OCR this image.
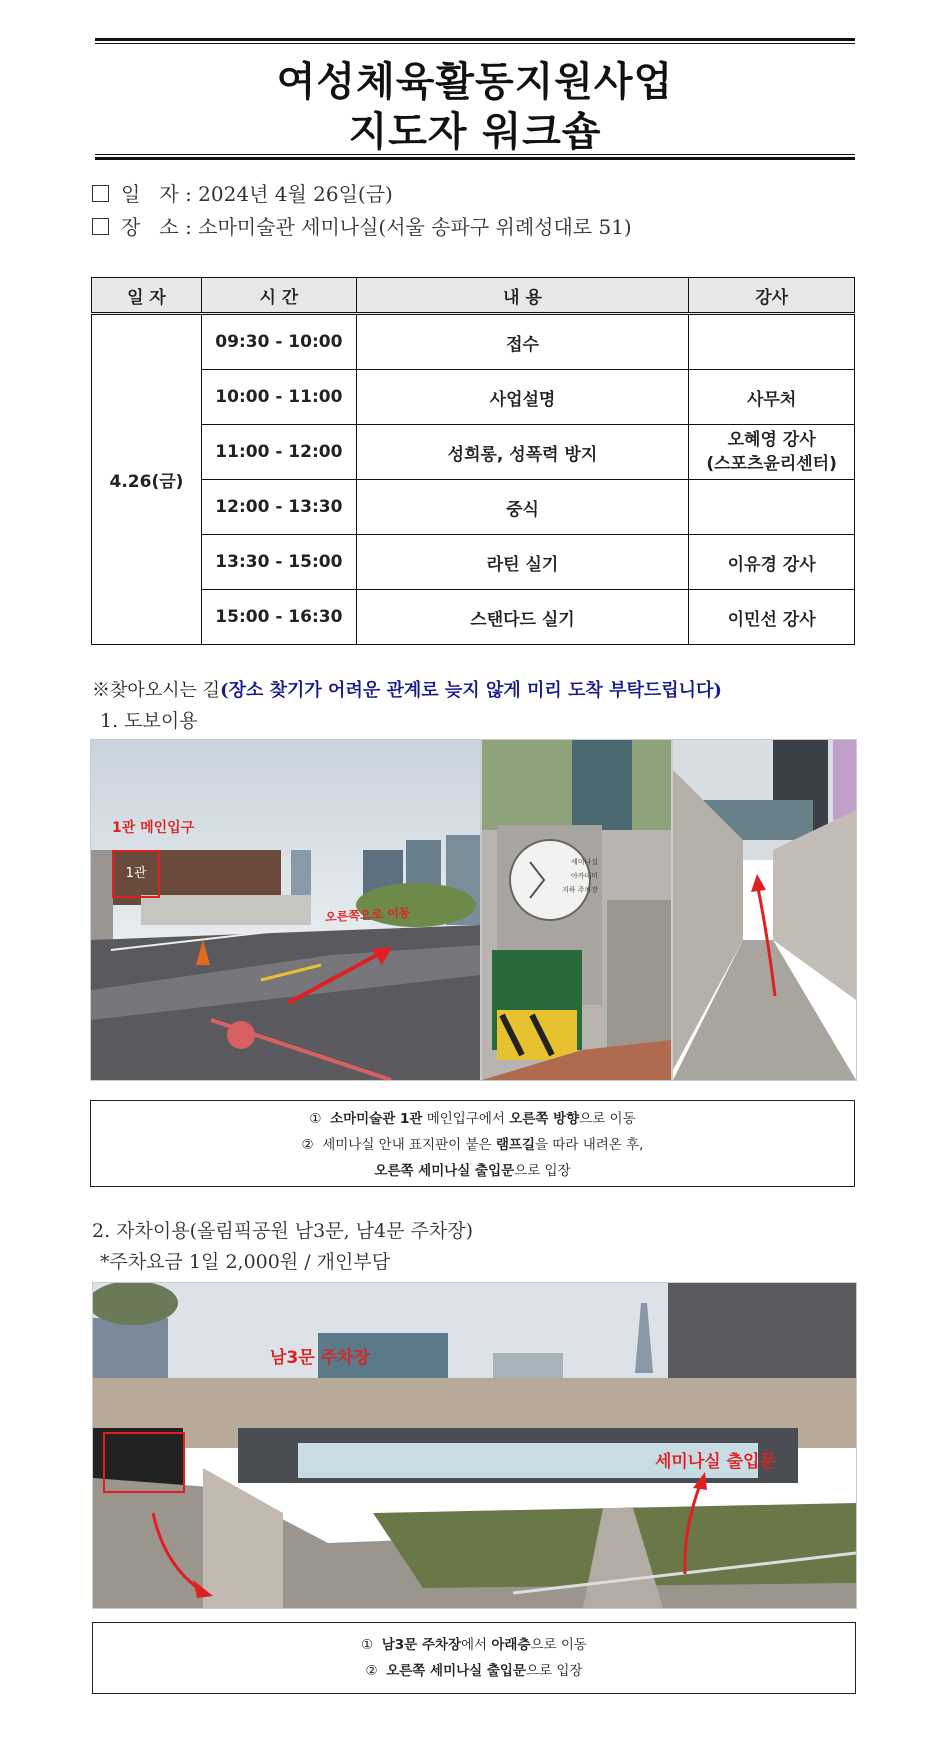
여성체육활동지원사업
지도자 워크숍
일   자 : 2024년 4월 26일(금)
장   소 : 소마미술관 세미나실(서울 송파구 위례성대로 51)
일 자	시 간	내 용	강사
4.26(금)	09:30 - 10:00	접수	
	10:00 - 11:00	사업설명	사무처
	11:00 - 12:00	성희롱, 성폭력 방지	오혜영 강사
(스포츠윤리센터)
	12:00 - 13:30	중식	
	13:30 - 15:00	라틴 실기	이유경 강사
	15:00 - 16:30	스탠다드 실기	이민선 강사
※찾아오시는 길(장소 찾기가 어려운 관계로 늦지 않게 미리 도착 부탁드립니다)
1. 도보이용
1관 메인입구
1관
오른쪽으로 이동
세미나실
아카데미
지하 주차장
① 소마미술관 1관 메인입구에서 오른쪽 방향으로 이동
② 세미나실 안내 표지판이 붙은 램프길을 따라 내려온 후,
오른쪽 세미나실 출입문으로 입장
2. 자차이용(올림픽공원 남3문, 남4문 주차장)
*주차요금 1일 2,000원 / 개인부담
남3문 주차장
세미나실 출입문
① 남3문 주차장에서 아래층으로 이동
② 오른쪽 세미나실 출입문으로 입장
